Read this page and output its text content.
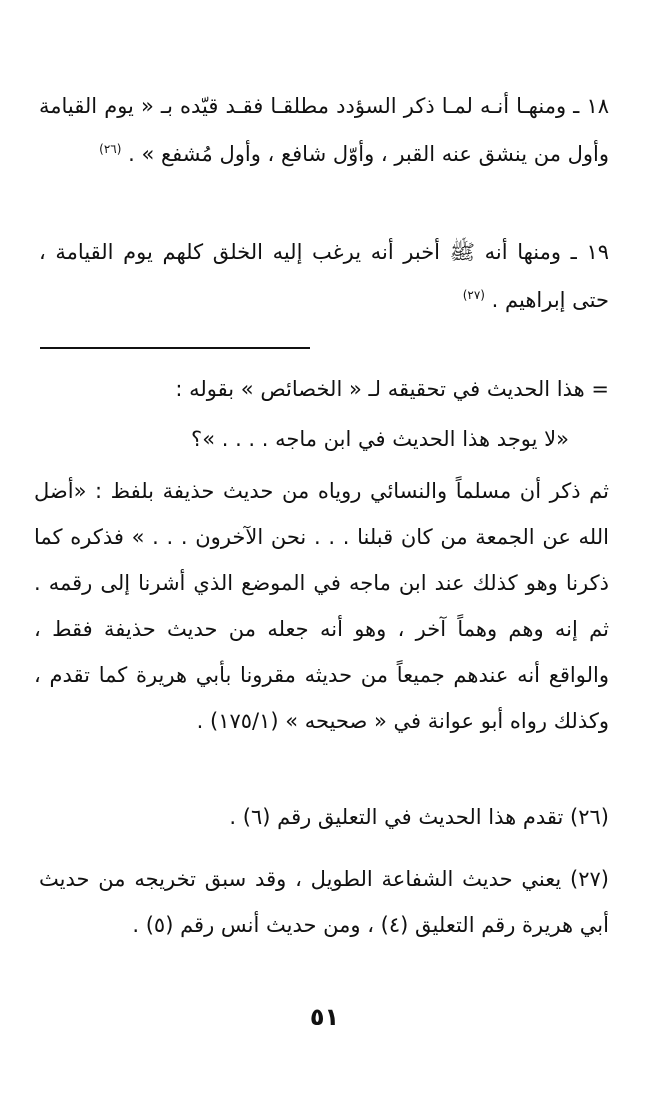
١٨ ـ ومنهـا أنـه لمـا ذكر السؤدد مطلقـا فقـد قيّده بـ « يوم القيامة وأول من ينشق عنه القبر ، وأوّل شافع ، وأول مُشفع » . $^{(٢٦)}$
١٩ ـ ومنها أنه ﷺ أخبر أنه يرغب إليه الخلق كلهم يوم القيامة ، حتى إبراهيم . $^{(٢٧)}$
= هذا الحديث في تحقيقه لـ « الخصائص » بقوله :
«لا يوجد هذا الحديث في ابن ماجه . . . . »؟
ثم ذكر أن مسلماً والنسائي روياه من حديث حذيفة بلفظ : «أضل الله عن الجمعة من كان قبلنا . . . نحن الآخرون . . . » فذكره كما ذكرنا وهو كذلك عند ابن ماجه في الموضع الذي أشرنا إلى رقمه . ثم إنه وهم وهماً آخر ، وهو أنه جعله من حديث حذيفة فقط ، والواقع أنه عندهم جميعاً من حديثه مقرونا بأبي هريرة كما تقدم ، وكذلك رواه أبو عوانة في « صحيحه » (١٧٥/١) .
(٢٦) تقدم هذا الحديث في التعليق رقم (٦) .
(٢٧) يعني حديث الشفاعة الطويل ، وقد سبق تخريجه من حديث أبي هريرة رقم التعليق (٤) ، ومن حديث أنس رقم (٥) .
٥١
